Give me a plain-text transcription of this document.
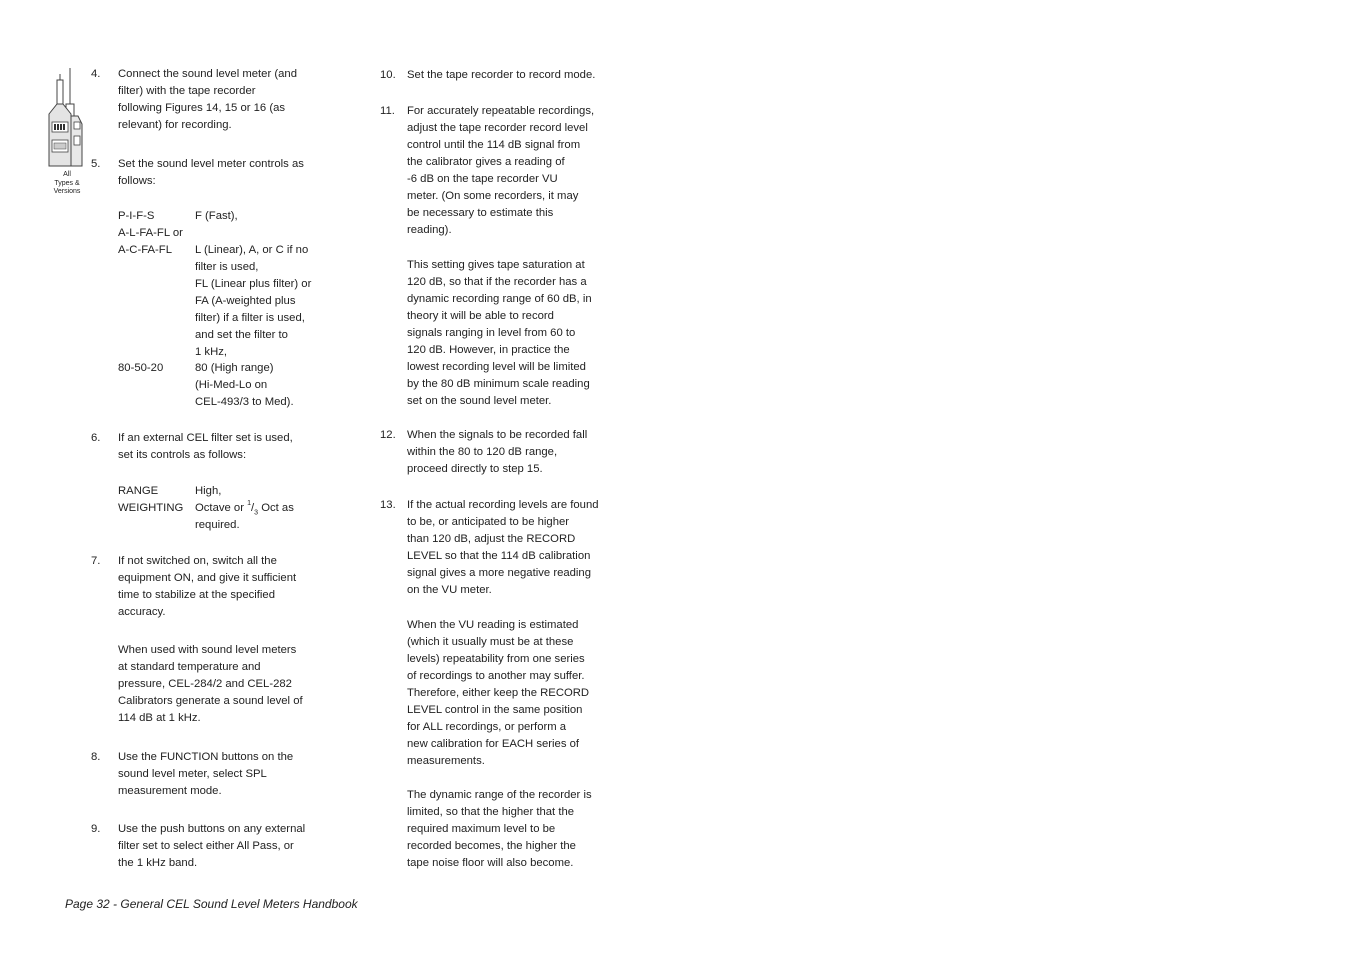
All
Types &
Versions
4. Connect the sound level meter (and
filter) with the tape recorder
following Figures 14, 15 or 16 (as
relevant) for recording.
5. Set the sound level meter controls as
follows:
P-I-F-S	F (Fast),
A-L-FA-FL or
A-C-FA-FL	L (Linear), A, or C if no
filter is used,
FL (Linear plus filter) or
FA (A-weighted plus
filter) if a filter is used,
and set the filter to
1 kHz,
80-50-20	80 (High range)
(Hi-Med-Lo on
CEL-493/3 to Med).
6. If an external CEL filter set is used,
set its controls as follows:
RANGE	High,
WEIGHTING Octave or $^1/_3$ Oct as
required.
7. If not switched on, switch all the
equipment ON, and give it sufficient
time to stabilize at the specified
accuracy.
When used with sound level meters
at standard temperature and
pressure, CEL-284/2 and CEL-282
Calibrators generate a sound level of
114 dB at 1 kHz.
8. Use the FUNCTION buttons on the
sound level meter, select SPL
measurement mode.
9. Use the push buttons on any external
filter set to select either All Pass, or
the 1 kHz band.
10. Set the tape recorder to record mode.
11. For accurately repeatable recordings,
adjust the tape recorder record level
control until the 114 dB signal from
the calibrator gives a reading of
-6 dB on the tape recorder VU
meter. (On some recorders, it may
be necessary to estimate this
reading).
This setting gives tape saturation at
120 dB, so that if the recorder has a
dynamic recording range of 60 dB, in
theory it will be able to record
signals ranging in level from 60 to
120 dB. However, in practice the
lowest recording level will be limited
by the 80 dB minimum scale reading
set on the sound level meter.
12. When the signals to be recorded fall
within the 80 to 120 dB range,
proceed directly to step 15.
13. If the actual recording levels are found
to be, or anticipated to be higher
than 120 dB, adjust the RECORD
LEVEL so that the 114 dB calibration
signal gives a more negative reading
on the VU meter.
When the VU reading is estimated
(which it usually must be at these
levels) repeatability from one series
of recordings to another may suffer.
Therefore, either keep the RECORD
LEVEL control in the same position
for ALL recordings, or perform a
new calibration for EACH series of
measurements.
The dynamic range of the recorder is
limited, so that the higher that the
required maximum level to be
recorded becomes, the higher the
tape noise floor will also become.
Page 32 - General CEL Sound Level Meters Handbook
